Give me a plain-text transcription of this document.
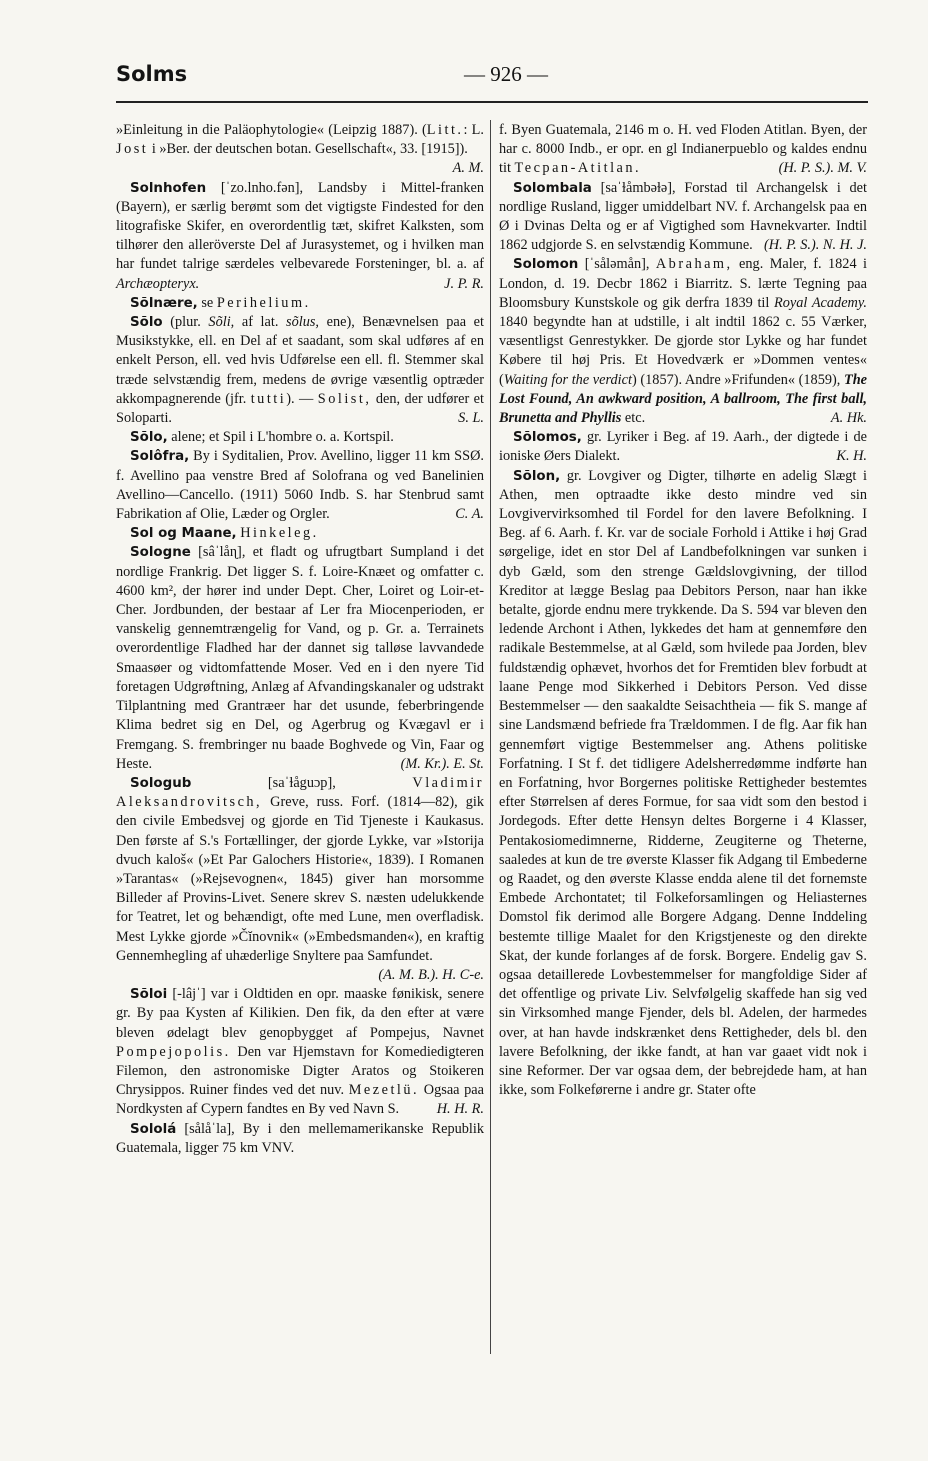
Solms	— 926 —

»Einleitung in die Paläophytologie« (Leipzig 1887). (Litt.: L. Jost i »Ber. der deutschen botan. Gesellschaft«, 33. [1915]).
A. M.

Solnhofen [ˈzo.lnho.fən], Landsby i Mittel-franken (Bayern), er særlig berømt som det vigtigste Findested for den litografiske Skifer, en overordentlig tæt, skifret Kalksten, som tilhører den alleröverste Del af Jurasystemet, og i hvilken man har fundet talrige særdeles velbevarede Forsteninger, bl. a. af Archæopteryx.	J. P. R.

Sõlnære, se Perihelium.

Sõlo (plur. Sõli, af lat. sõlus, ene), Benævnelsen paa et Musikstykke, ell. en Del af et saadant, som skal udføres af en enkelt Person, ell. ved hvis Udførelse een ell. fl. Stemmer skal træde selvstændig frem, medens de øvrige væsentlig optræder akkompagnerende (jfr. tutti). — Solist, den, der udfører et Soloparti.	S. L.

Sõlo, alene; et Spil i L'hombre o. a. Kortspil.

Solôfra, By i Syditalien, Prov. Avellino, ligger 11 km SSØ. f. Avellino paa venstre Bred af Solofrana og ved Banelinien Avellino—Cancello. (1911) 5060 Indb. S. har Stenbrud samt Fabrikation af Olie, Læder og Orgler.	C. A.

Sol og Maane, Hinkeleg.

Sologne [sâˈlåɳ], et fladt og ufrugtbart Sumpland i det nordlige Frankrig. Det ligger S. f. Loire-Knæet og omfatter c. 4600 km², der hører ind under Dept. Cher, Loiret og Loir-et-Cher. Jordbunden, der bestaar af Ler fra Miocenperioden, er vanskelig gennemtrængelig for Vand, og p. Gr. a. Terrainets overordentlige Fladhed har der dannet sig talløse lavvandede Smaasøer og vidtomfattende Moser. Ved en i den nyere Tid foretagen Udgrøftning, Anlæg af Afvandingskanaler og udstrakt Tilplantning med Grantræer har det usunde, feberbringende Klima bedret sig en Del, og Agerbrug og Kvægavl er i Fremgang. S. frembringer nu baade Boghvede og Vin, Faar og Heste.	(M. Kr.). E. St.

Sologub [saˈɫåguɔp], Vladimir Aleksandrovitsch, Greve, russ. Forf. (1814—82), gik den civile Embedsvej og gjorde en Tid Tjeneste i Kaukasus. Den første af S.'s Fortællinger, der gjorde Lykke, var »Istorija dvuch kaloš« (»Et Par Galochers Historie«, 1839). I Romanen »Tarantas« (»Rejsevognen«, 1845) giver han morsomme Billeder af Provins-Livet. Senere skrev S. næsten udelukkende for Teatret, let og behændigt, ofte med Lune, men overfladisk. Mest Lykke gjorde »Čĭnovnik« (»Embedsmanden«), en kraftig Gennemhegling af uhæderlige Snyltere paa Samfundet.
(A. M. B.). H. C-e.

Sõloi [-lâjˈ] var i Oldtiden en opr. maaske fønikisk, senere gr. By paa Kysten af Kilikien. Den fik, da den efter at være bleven ødelagt blev genopbygget af Pompejus, Navnet Pompejopolis. Den var Hjemstavn for Komediedigteren Filemon, den astronomiske Digter Aratos og Stoikeren Chrysippos. Ruiner findes ved det nuv. Mezetlü. Ogsaa paa Nordkysten af Cypern fandtes en By ved Navn S.	H. H. R.

Sololá [sålåˈla], By i den mellemamerikanske Republik Guatemala, ligger 75 km VNV.

f. Byen Guatemala, 2146 m o. H. ved Floden Atitlan. Byen, der har c. 8000 Indb., er opr. en gl Indianerpueblo og kaldes endnu tit Tecpan-Atitlan.	(H. P. S.). M. V.

Solombala [saˈɫåmbəɫə], Forstad til Archangelsk i det nordlige Rusland, ligger umiddelbart NV. f. Archangelsk paa en Ø i Dvinas Delta og er af Vigtighed som Havnekvarter. Indtil 1862 udgjorde S. en selvstændig Kommune. (H. P. S.). N. H. J.

Solomon [ˈsåləmån], Abraham, eng. Maler, f. 1824 i London, d. 19. Decbr 1862 i Biarritz. S. lærte Tegning paa Bloomsbury Kunstskole og gik derfra 1839 til Royal Academy. 1840 begyndte han at udstille, i alt indtil 1862 c. 55 Værker, væsentligst Genrestykker. De gjorde stor Lykke og har fundet Købere til høj Pris. Et Hovedværk er »Dommen ventes« (Waiting for the verdict) (1857). Andre »Frifunden« (1859), The Lost Found, An awkward position, A ballroom, The first ball, Brunetta and Phyllis etc.	A. Hk.

Sõlomos, gr. Lyriker i Beg. af 19. Aarh., der digtede i de ioniske Øers Dialekt.	K. H.

Sõlon, gr. Lovgiver og Digter, tilhørte en adelig Slægt i Athen, men optraadte ikke desto mindre ved sin Lovgivervirksomhed til Fordel for den lavere Befolkning. I Beg. af 6. Aarh. f. Kr. var de sociale Forhold i Attike i høj Grad sørgelige, idet en stor Del af Landbefolkningen var sunken i dyb Gæld, som den strenge Gældslovgivning, der tillod Kreditor at lægge Beslag paa Debitors Person, naar han ikke betalte, gjorde endnu mere trykkende. Da S. 594 var bleven den ledende Archont i Athen, lykkedes det ham at gennemføre den radikale Bestemmelse, at al Gæld, som hvilede paa Jorden, blev fuldstændig ophævet, hvorhos det for Fremtiden blev forbudt at laane Penge mod Sikkerhed i Debitors Person. Ved disse Bestemmelser — den saakaldte Seisachtheia — fik S. mange af sine Landsmænd befriede fra Trældommen. I de flg. Aar fik han gennemført vigtige Bestemmelser ang. Athens politiske Forfatning. I St f. det tidligere Adelsherredømme indførte han en Forfatning, hvor Borgernes politiske Rettigheder bestemtes efter Størrelsen af deres Formue, for saa vidt som den bestod i Jordegods. Efter dette Hensyn deltes Borgerne i 4 Klasser, Pentakosiomedimnerne, Ridderne, Zeugiterne og Theterne, saaledes at kun de tre øverste Klasser fik Adgang til Embederne og Raadet, og den øverste Klasse endda alene til det fornemste Embede Archontatet; til Folkeforsamlingen og Heliasternes Domstol fik derimod alle Borgere Adgang. Denne Inddeling bestemte tillige Maalet for den Krigstjeneste og den direkte Skat, der kunde forlanges af de forsk. Borgere. Endelig gav S. ogsaa detaillerede Lovbestemmelser for mangfoldige Sider af det offentlige og private Liv. Selvfølgelig skaffede han sig ved sin Virksomhed mange Fjender, dels bl. Adelen, der harmedes over, at han havde indskrænket dens Rettigheder, dels bl. den lavere Befolkning, der ikke fandt, at han var gaaet vidt nok i sine Reformer. Der var ogsaa dem, der bebrejdede ham, at han ikke, som Folkeførerne i andre gr. Stater ofte
